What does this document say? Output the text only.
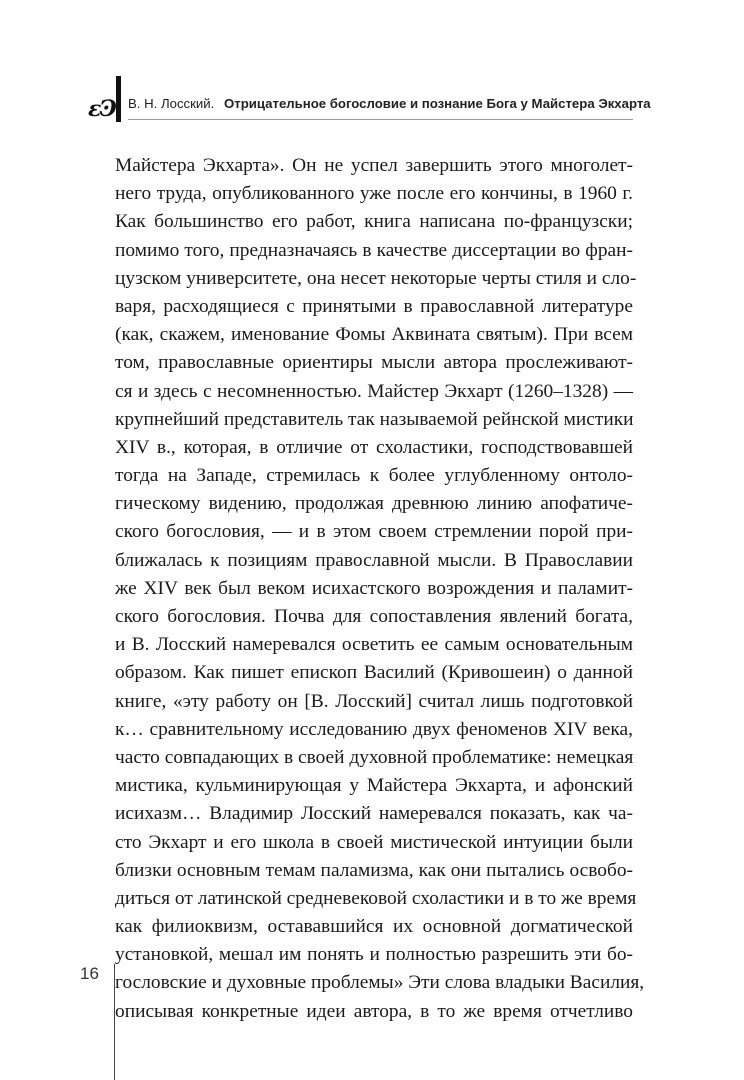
ɛϿ В. Н. Лосский. Отрицательное богословие и познание Бога у Майстера Экхарта
Майстера Экхарта». Он не успел завершить этого многолет-
него труда, опубликованного уже после его кончины, в 1960 г.
Как большинство его работ, книга написана по-французски;
помимо того, предназначаясь в качестве диссертации во фран-
цузском университете, она несет некоторые черты стиля и сло-
варя, расходящиеся с принятыми в православной литературе
(как, скажем, именование Фомы Аквината святым). При всем
том, православные ориентиры мысли автора прослеживают-
ся и здесь с несомненностью. Майстер Экхарт (1260–1328) —
крупнейший представитель так называемой рейнской мистики
XIV в., которая, в отличие от схоластики, господствовавшей
тогда на Западе, стремилась к более углубленному онтоло-
гическому видению, продолжая древнюю линию апофатиче-
ского богословия, — и в этом своем стремлении порой при-
ближалась к позициям православной мысли. В Православии
же XIV век был веком исихастского возрождения и паламит-
ского богословия. Почва для сопоставления явлений богата,
и В. Лосский намеревался осветить ее самым основательным
образом. Как пишет епископ Василий (Кривошеин) о данной
книге, «эту работу он [В. Лосский] считал лишь подготовкой
к… сравнительному исследованию двух феноменов XIV века,
часто совпадающих в своей духовной проблематике: немецкая
мистика, кульминирующая у Майстера Экхарта, и афонский
исихазм… Владимир Лосский намеревался показать, как ча-
сто Экхарт и его школа в своей мистической интуиции были
близки основным темам паламизма, как они пытались освобо-
диться от латинской средневековой схоластики и в то же время
как филиоквизм, остававшийся их основной догматической
установкой, мешал им понять и полностью разрешить эти бо-
гословские и духовные проблемы» Эти слова владыки Василия,
описывая конкретные идеи автора, в то же время отчетливо
16
